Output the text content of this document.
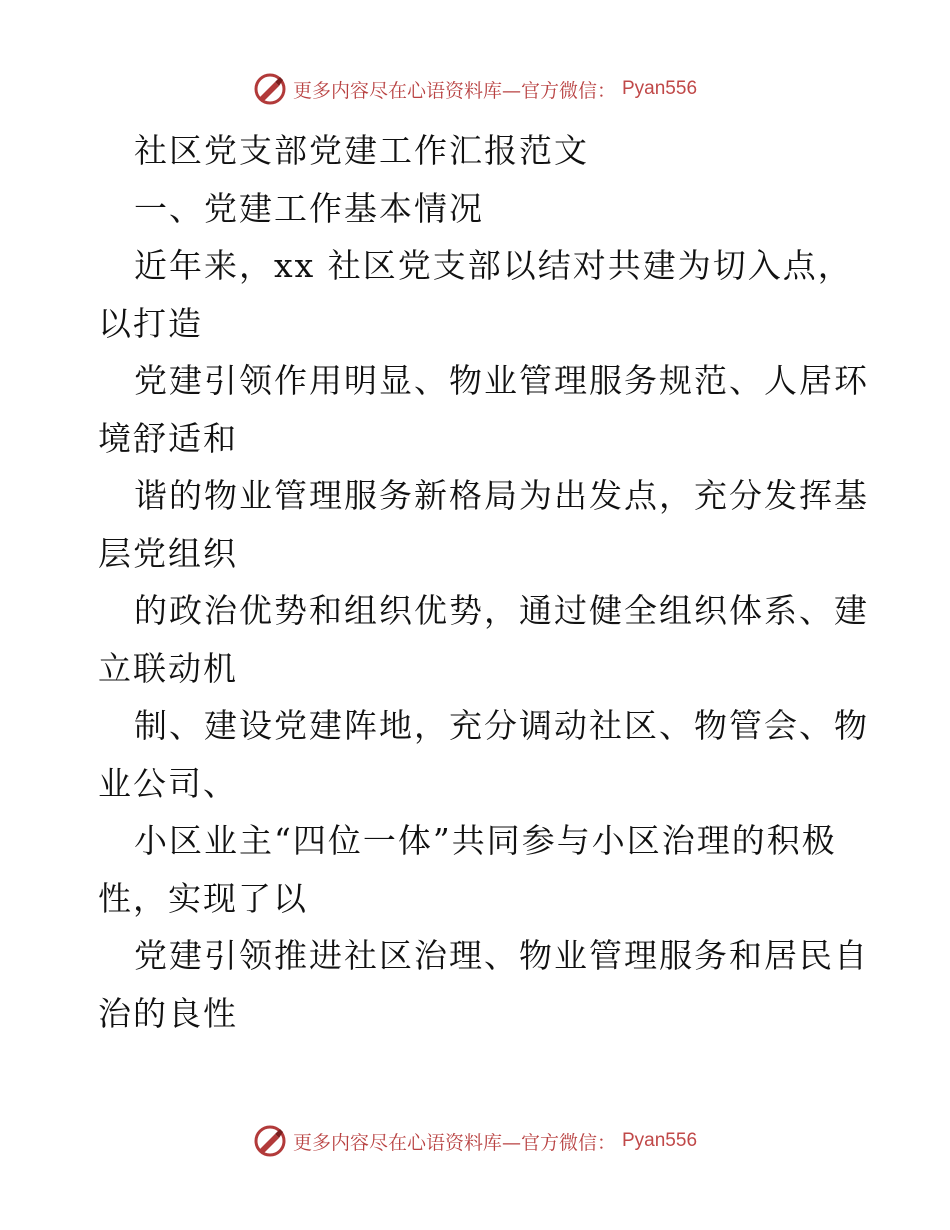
更多内容尽在心语资料库—官方微信： Pyan556
社区党支部党建工作汇报范文
一、党建工作基本情况
近年来，xx 社区党支部以结对共建为切入点，
以打造
党建引领作用明显、物业管理服务规范、人居环
境舒适和
谐的物业管理服务新格局为出发点，充分发挥基
层党组织
的政治优势和组织优势，通过健全组织体系、建
立联动机
制、建设党建阵地，充分调动社区、物管会、物
业公司、
小区业主“四位一体”共同参与小区治理的积极
性，实现了以
党建引领推进社区治理、物业管理服务和居民自
治的良性
更多内容尽在心语资料库—官方微信： Pyan556
